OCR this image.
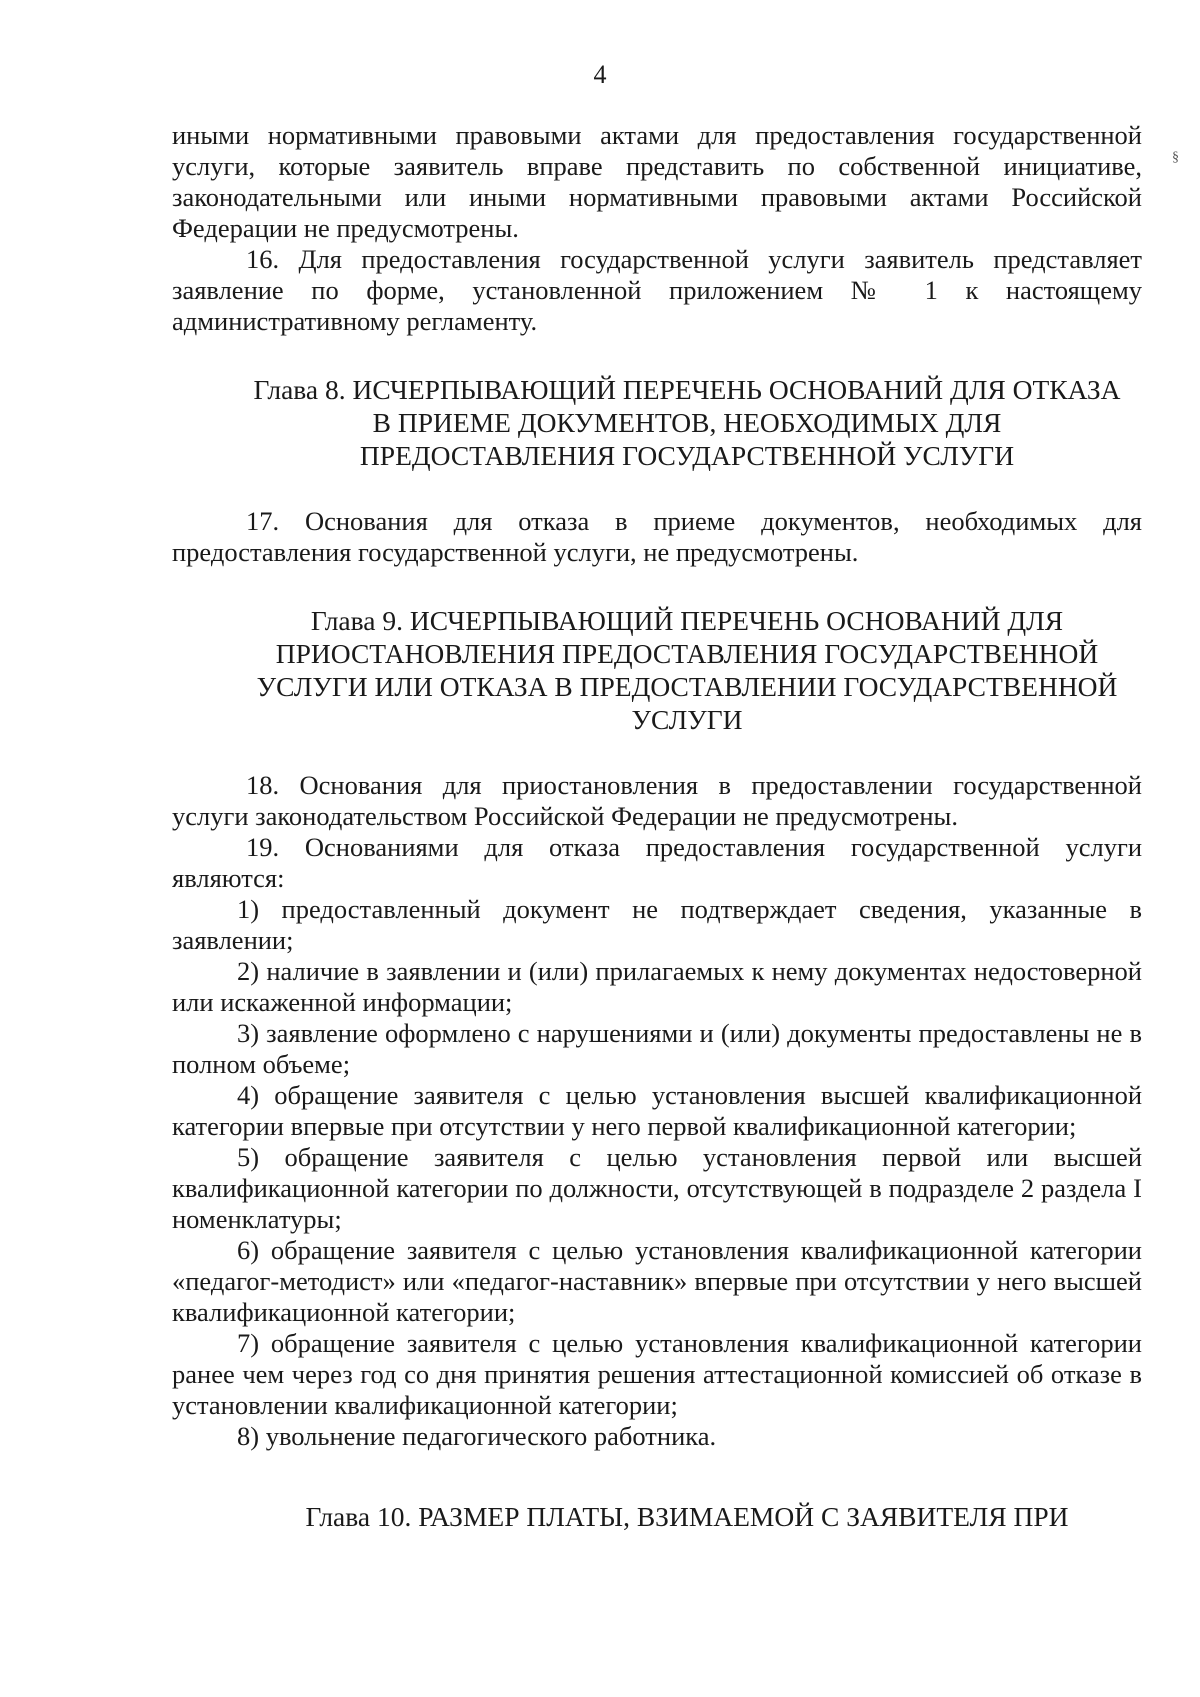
4
§

иными нормативными правовыми актами для предоставления государственной услуги, которые заявитель вправе представить по собственной инициативе, законодательными или иными нормативными правовыми актами Российской Федерации не предусмотрены.

16. Для предоставления государственной услуги заявитель представляет заявление по форме, установленной приложением № 1 к настоящему административному регламенту.

Глава 8. ИСЧЕРПЫВАЮЩИЙ ПЕРЕЧЕНЬ ОСНОВАНИЙ ДЛЯ ОТКАЗА
В ПРИЕМЕ ДОКУМЕНТОВ, НЕОБХОДИМЫХ ДЛЯ
ПРЕДОСТАВЛЕНИЯ ГОСУДАРСТВЕННОЙ УСЛУГИ

17. Основания для отказа в приеме документов, необходимых для предоставления государственной услуги, не предусмотрены.

Глава 9. ИСЧЕРПЫВАЮЩИЙ ПЕРЕЧЕНЬ ОСНОВАНИЙ ДЛЯ
ПРИОСТАНОВЛЕНИЯ ПРЕДОСТАВЛЕНИЯ ГОСУДАРСТВЕННОЙ
УСЛУГИ ИЛИ ОТКАЗА В ПРЕДОСТАВЛЕНИИ ГОСУДАРСТВЕННОЙ
УСЛУГИ

18. Основания для приостановления в предоставлении государственной услуги законодательством Российской Федерации не предусмотрены.

19. Основаниями для отказа предоставления государственной услуги являются:

1) предоставленный документ не подтверждает сведения, указанные в заявлении;

2) наличие в заявлении и (или) прилагаемых к нему документах недостоверной или искаженной информации;

3) заявление оформлено с нарушениями и (или) документы предоставлены не в полном объеме;

4) обращение заявителя с целью установления высшей квалификационной категории впервые при отсутствии у него первой квалификационной категории;

5) обращение заявителя с целью установления первой или высшей квалификационной категории по должности, отсутствующей в подразделе 2 раздела I номенклатуры;

6) обращение заявителя с целью установления квалификационной категории «педагог-методист» или «педагог-наставник» впервые при отсутствии у него высшей квалификационной категории;

7) обращение заявителя с целью установления квалификационной категории ранее чем через год со дня принятия решения аттестационной комиссией об отказе в установлении квалификационной категории;

8) увольнение педагогического работника.

Глава 10. РАЗМЕР ПЛАТЫ, ВЗИМАЕМОЙ С ЗАЯВИТЕЛЯ ПРИ
